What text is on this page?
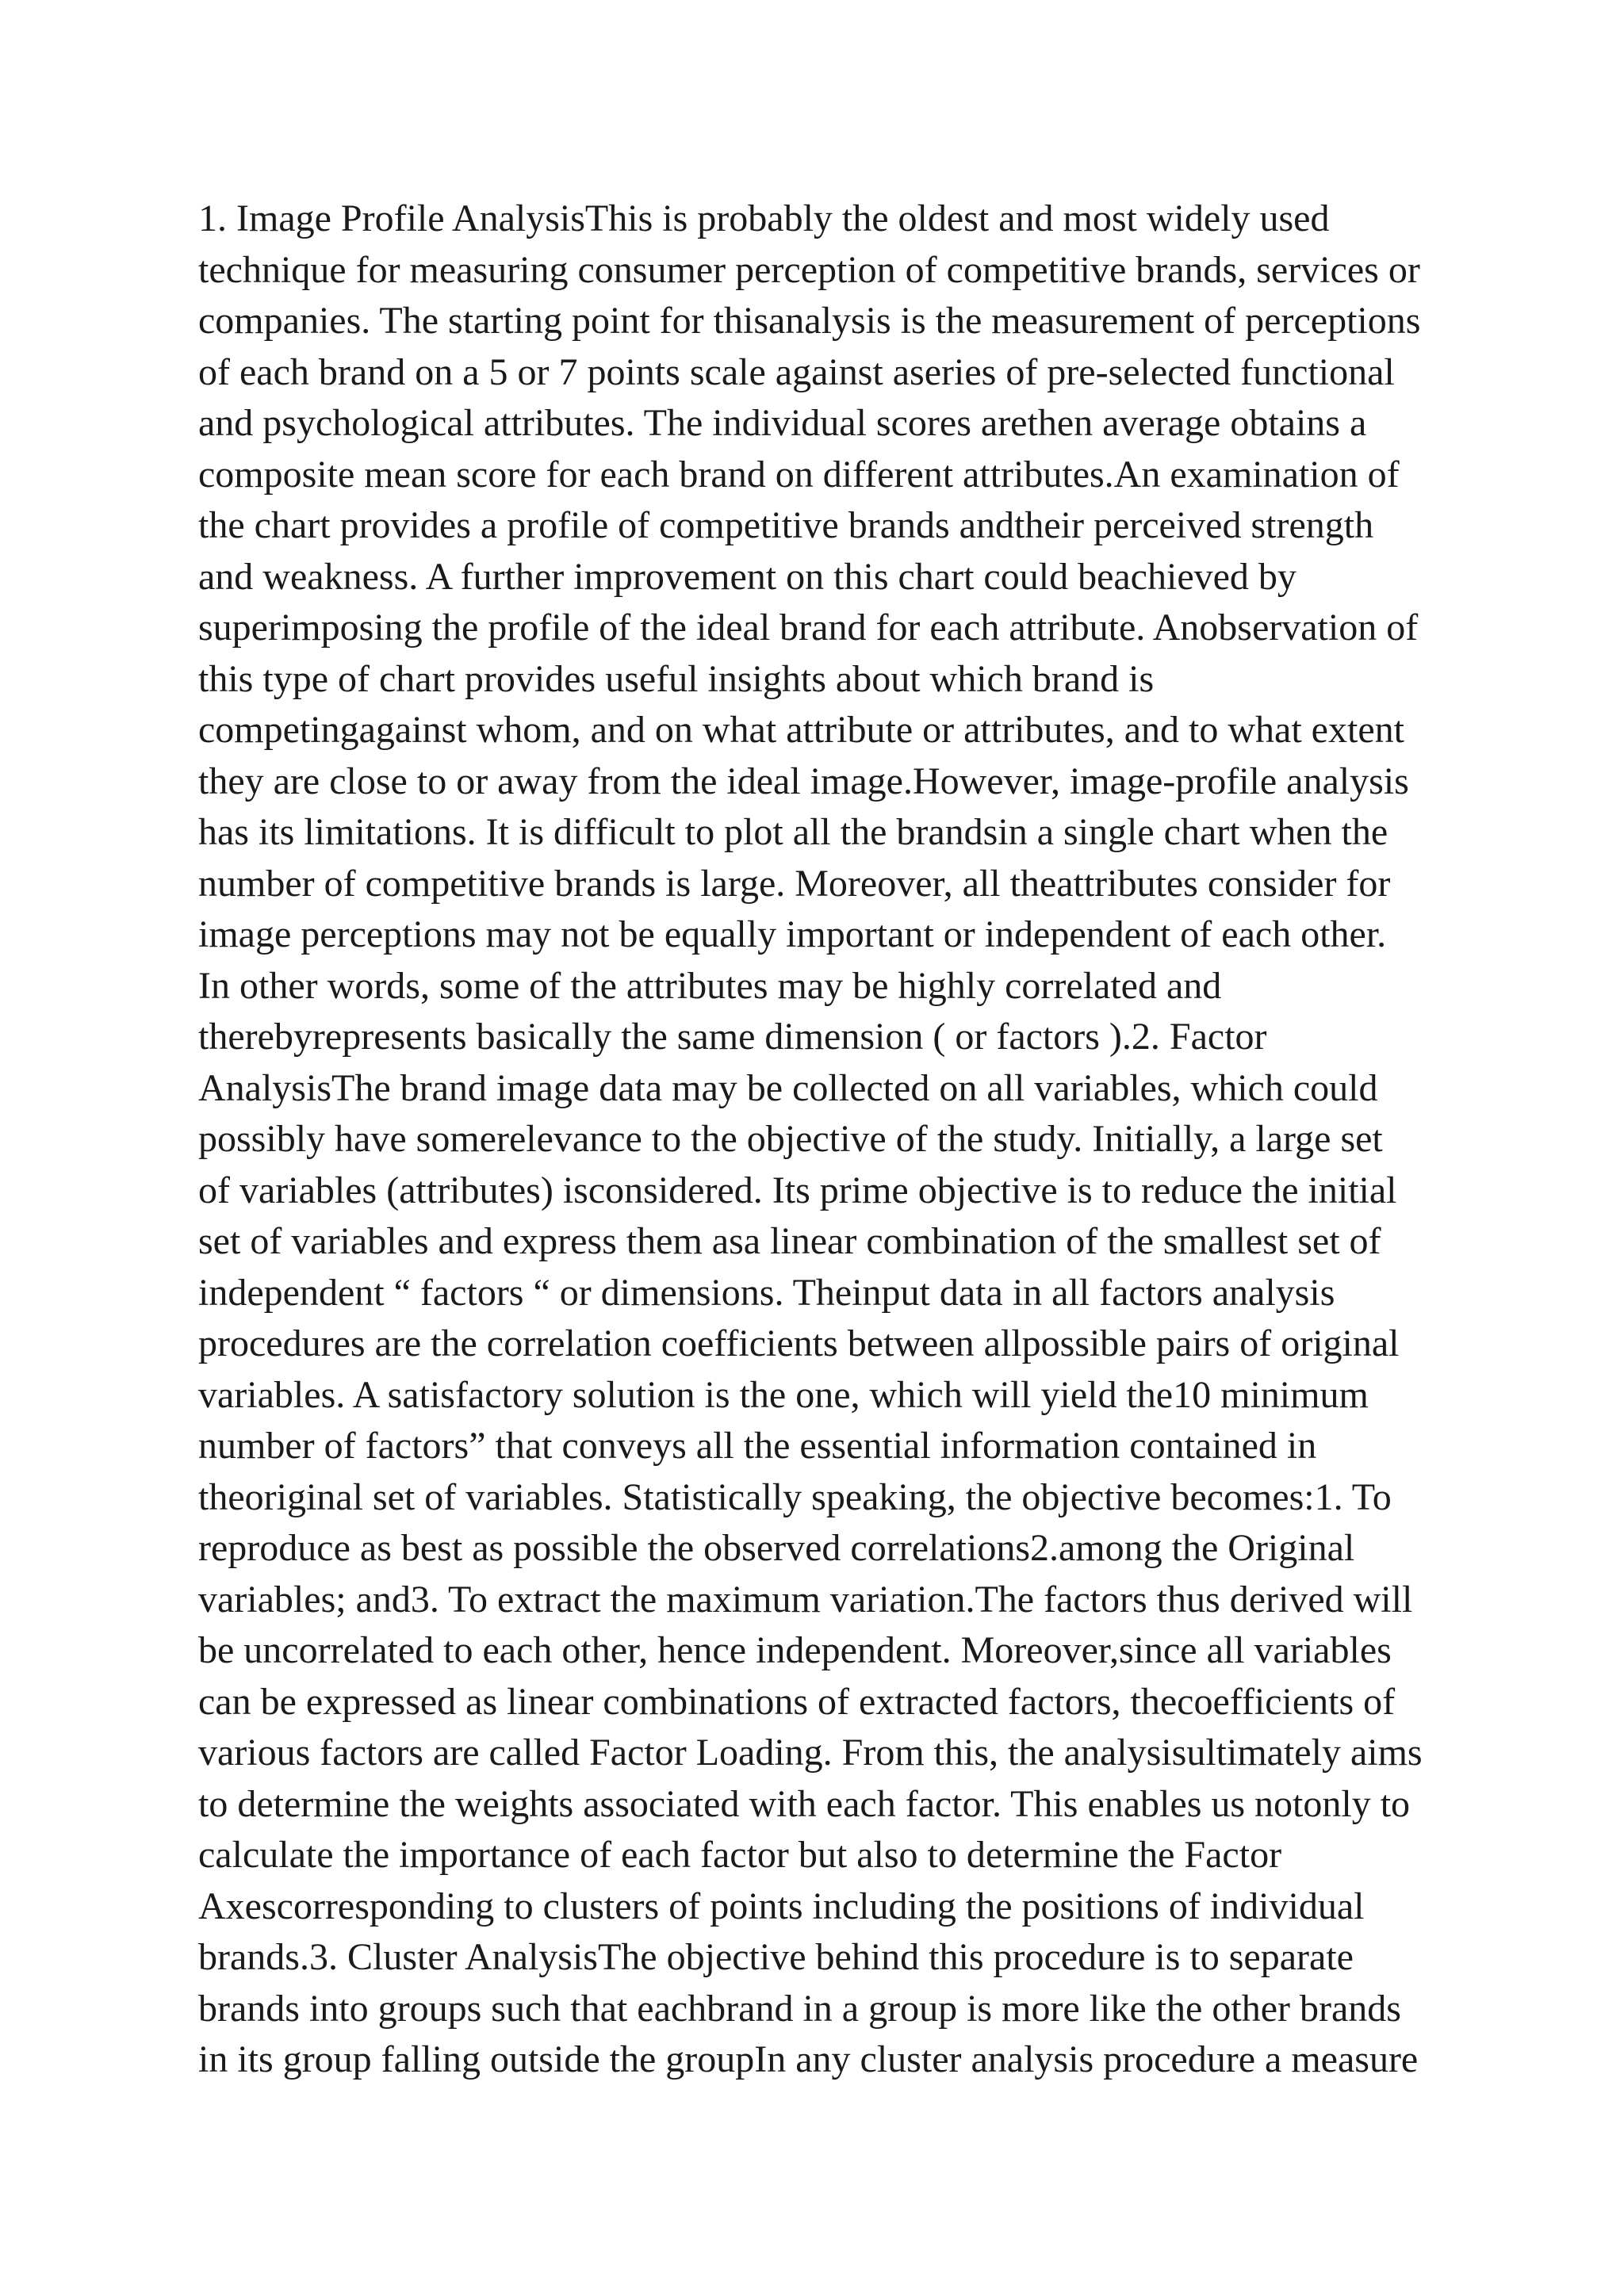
1. Image Profile AnalysisThis is probably the oldest and most widely used
technique for measuring consumer perception of competitive brands, services or
companies. The starting point for thisanalysis is the measurement of perceptions
of each brand on a 5 or 7 points scale against aseries of pre-selected functional
and psychological attributes. The individual scores arethen average obtains a
composite mean score for each brand on different attributes.An examination of
the chart provides a profile of competitive brands andtheir perceived strength
and weakness. A further improvement on this chart could beachieved by
superimposing the profile of the ideal brand for each attribute. Anobservation of
this type of chart provides useful insights about which brand is
competingagainst whom, and on what attribute or attributes, and to what extent
they are close to or away from the ideal image.However, image-profile analysis
has its limitations. It is difficult to plot all the brandsin a single chart when the
number of competitive brands is large. Moreover, all theattributes consider for
image perceptions may not be equally important or independent of each other.
In other words, some of the attributes may be highly correlated and
therebyrepresents basically the same dimension ( or factors ).2. Factor
AnalysisThe brand image data may be collected on all variables, which could
possibly have somerelevance to the objective of the study. Initially, a large set
of variables (attributes) isconsidered. Its prime objective is to reduce the initial
set of variables and express them asa linear combination of the smallest set of
independent “ factors “ or dimensions. Theinput data in all factors analysis
procedures are the correlation coefficients between allpossible pairs of original
variables. A satisfactory solution is the one, which will yield the10 minimum
number of factors” that conveys all the essential information contained in
theoriginal set of variables. Statistically speaking, the objective becomes:1. To
reproduce as best as possible the observed correlations2.among the Original
variables; and3. To extract the maximum variation.The factors thus derived will
be uncorrelated to each other, hence independent. Moreover,since all variables
can be expressed as linear combinations of extracted factors, thecoefficients of
various factors are called Factor Loading. From this, the analysisultimately aims
to determine the weights associated with each factor. This enables us notonly to
calculate the importance of each factor but also to determine the Factor
Axescorresponding to clusters of points including the positions of individual
brands.3. Cluster AnalysisThe objective behind this procedure is to separate
brands into groups such that eachbrand in a group is more like the other brands
in its group falling outside the groupIn any cluster analysis procedure a measure
